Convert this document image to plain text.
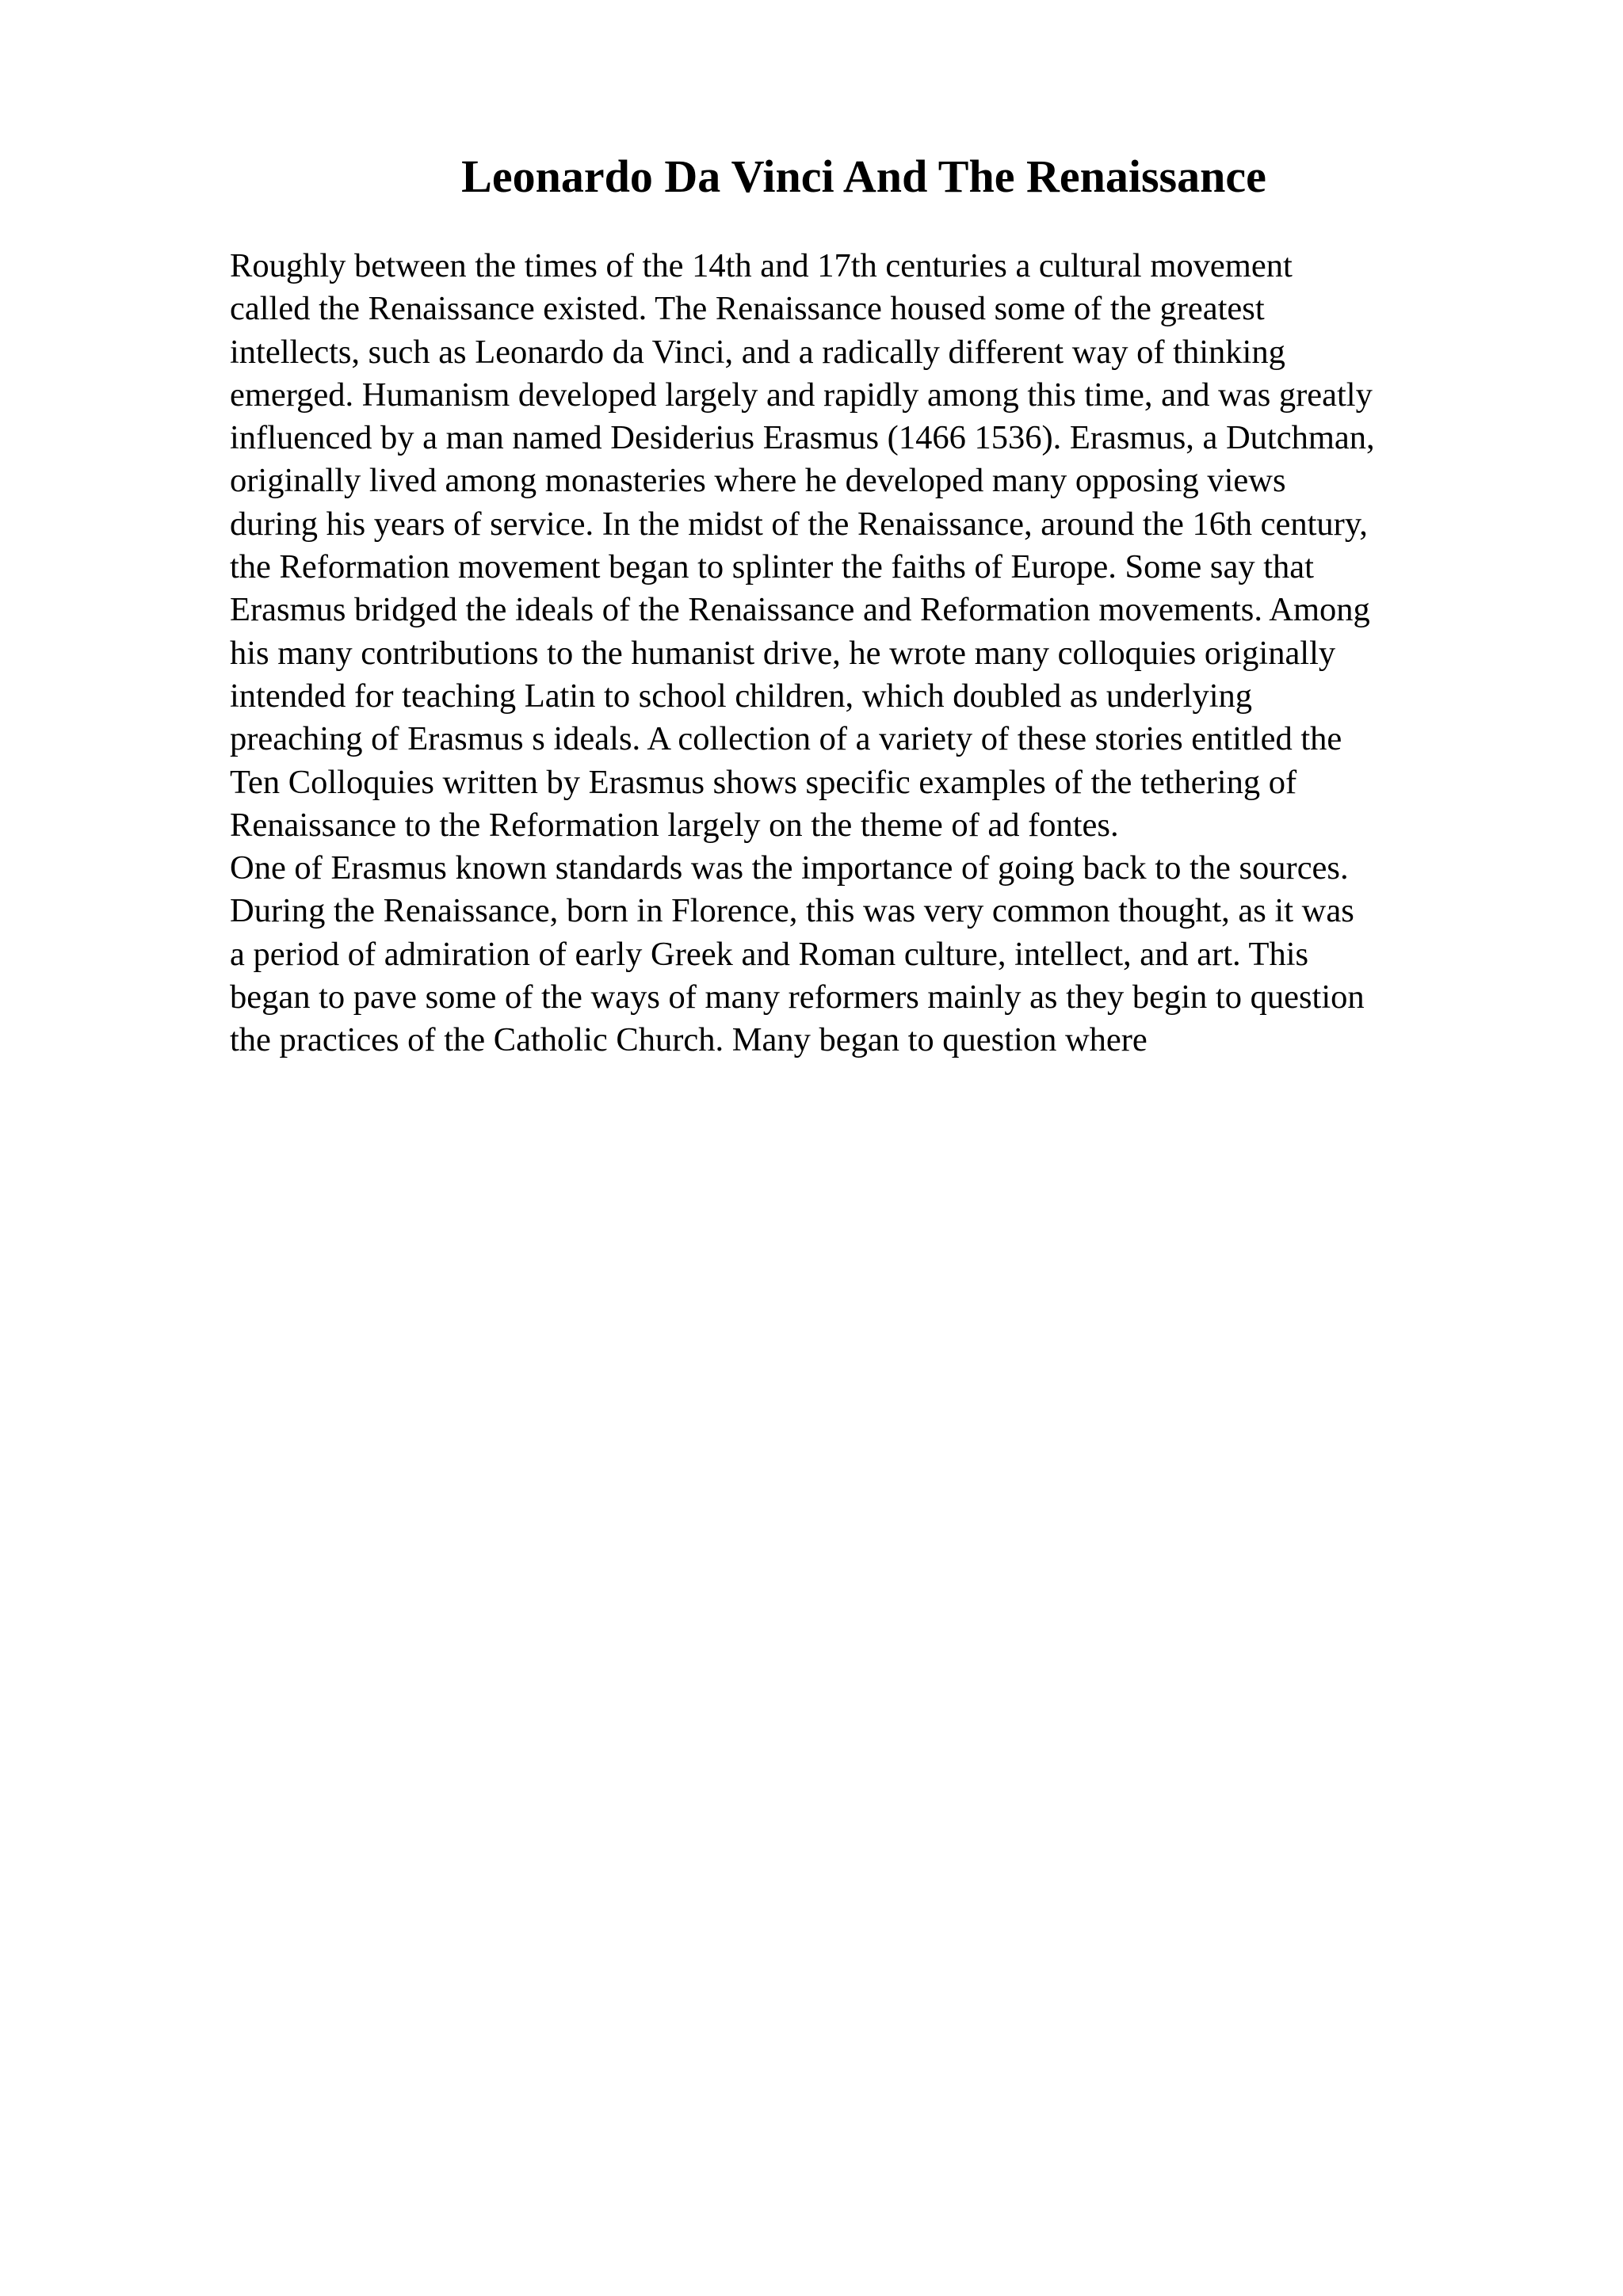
Leonardo Da Vinci And The Renaissance
Roughly between the times of the 14th and 17th centuries a cultural movement
called the Renaissance existed. The Renaissance housed some of the greatest
intellects, such as Leonardo da Vinci, and a radically different way of thinking
emerged. Humanism developed largely and rapidly among this time, and was greatly
influenced by a man named Desiderius Erasmus (1466 1536). Erasmus, a Dutchman,
originally lived among monasteries where he developed many opposing views
during his years of service. In the midst of the Renaissance, around the 16th century,
the Reformation movement began to splinter the faiths of Europe. Some say that
Erasmus bridged the ideals of the Renaissance and Reformation movements. Among
his many contributions to the humanist drive, he wrote many colloquies originally
intended for teaching Latin to school children, which doubled as underlying
preaching of Erasmus s ideals. A collection of a variety of these stories entitled the
Ten Colloquies written by Erasmus shows specific examples of the tethering of
Renaissance to the Reformation largely on the theme of ad fontes.
One of Erasmus known standards was the importance of going back to the sources.
During the Renaissance, born in Florence, this was very common thought, as it was
a period of admiration of early Greek and Roman culture, intellect, and art. This
began to pave some of the ways of many reformers mainly as they begin to question
the practices of the Catholic Church. Many began to question where
